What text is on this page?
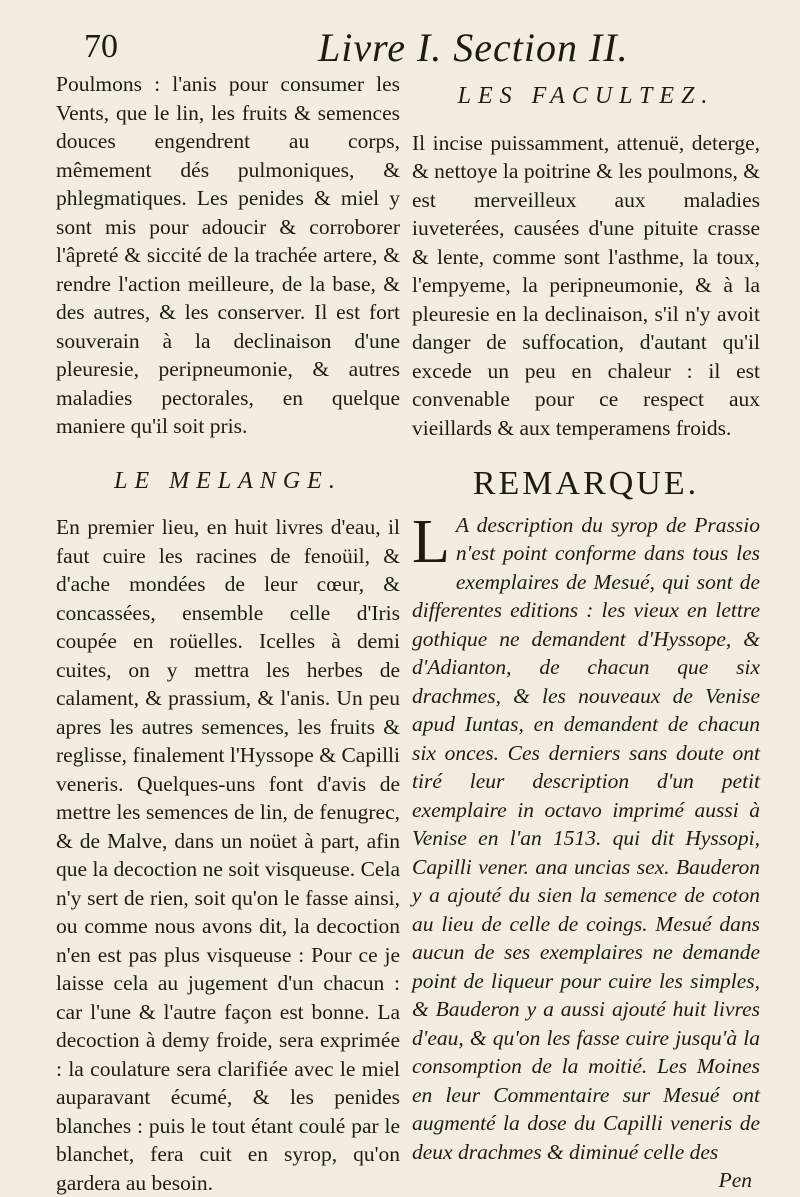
70	Livre I. Section II.

Poulmons : l'anis pour consumer les Vents, que le lin, les fruits & semences douces engendrent au corps, mêmement dés pulmoniques, & phlegmatiques. Les penides & miel y sont mis pour adoucir & corroborer l'âpreté & siccité de la trachée artere, & rendre l'action meilleure, de la base, & des autres, & les conserver. Il est fort souverain à la declinaison d'une pleuresie, peripneumonie, & autres maladies pectorales, en quelque maniere qu'il soit pris.

LE MELANGE.

En premier lieu, en huit livres d'eau, il faut cuire les racines de fenoüil, & d'ache mondées de leur cœur, & concassées, ensemble celle d'Iris coupée en roüelles. Icelles à demi cuites, on y mettra les herbes de calament, & prassium, & l'anis. Un peu apres les autres semences, les fruits & reglisse, finalement l'Hyssope & Capilli veneris. Quelques-uns font d'avis de mettre les semences de lin, de fenugrec, & de Malve, dans un noüet à part, afin que la decoction ne soit visqueuse. Cela n'y sert de rien, soit qu'on le fasse ainsi, ou comme nous avons dit, la decoction n'en est pas plus visqueuse : Pour ce je laisse cela au jugement d'un chacun : car l'une & l'autre façon est bonne. La decoction à demy froide, sera exprimée : la coulature sera clarifiée avec le miel auparavant écumé, & les penides blanches : puis le tout étant coulé par le blanchet, fera cuit en syrop, qu'on gardera au besoin.

LES FACULTEZ.

Il incise puissamment, attenuë, deterge, & nettoye la poitrine & les poulmons, & est merveilleux aux maladies iuveterées, causées d'une pituite crasse & lente, comme sont l'asthme, la toux, l'empyeme, la peripneumonie, & à la pleuresie en la declinaison, s'il n'y avoit danger de suffocation, d'autant qu'il excede un peu en chaleur : il est convenable pour ce respect aux vieillards & aux temperamens froids.

REMARQUE.

L A description du syrop de Prassio n'est point conforme dans tous les exemplaires de Mesué, qui sont de differentes editions : les vieux en lettre gothique ne demandent d'Hyssope, & d'Adianton, de chacun que six drachmes, & les nouveaux de Venise apud Iuntas, en demandent de chacun six onces. Ces derniers sans doute ont tiré leur description d'un petit exemplaire in octavo imprimé aussi à Venise en l'an 1513. qui dit Hyssopi, Capilli vener. ana uncias sex. Bauderon y a ajouté du sien la semence de coton au lieu de celle de coings. Mesué dans aucun de ses exemplaires ne demande point de liqueur pour cuire les simples, & Bauderon y a aussi ajouté huit livres d'eau, & qu'on les fasse cuire jusqu'à la consomption de la moitié. Les Moines en leur Commentaire sur Mesué ont augmenté la dose du Capilli veneris de deux drachmes & diminué celle des

Pen
